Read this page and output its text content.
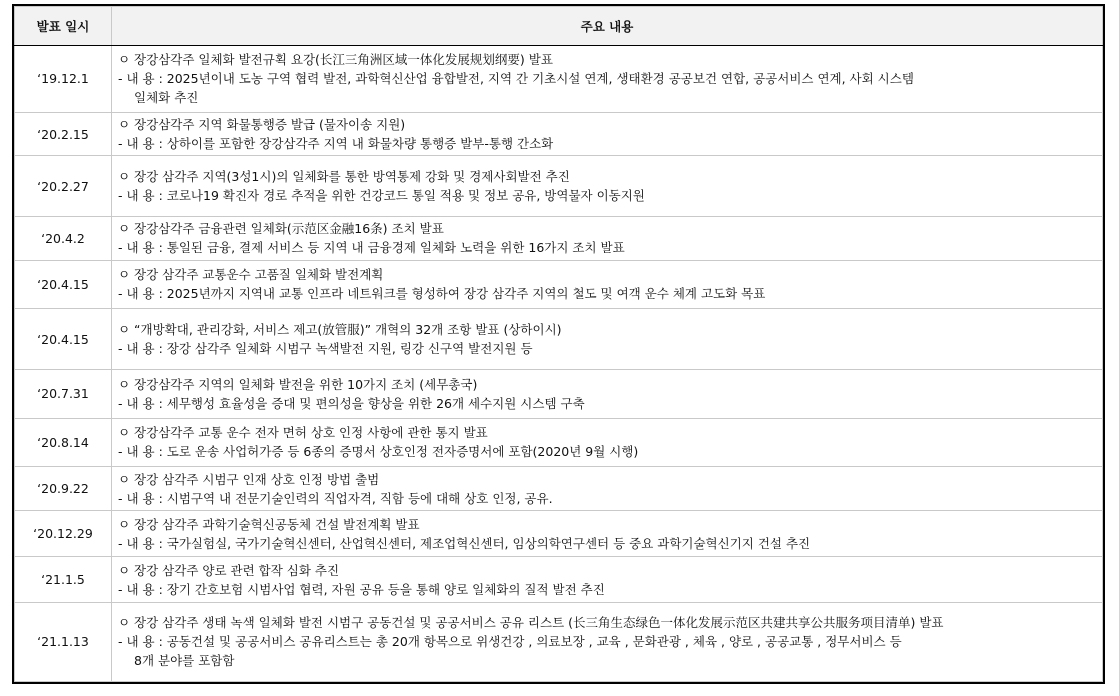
발표 일시	주요 내용
‘19.12.1	ㅇ 장강삼각주 일체화 발전규획 요강(长江三角洲区域一体化发展规划纲要) 발표
- 내 용 : 2025년이내 도농 구역 협력 발전, 과학혁신산업 융합발전, 지역 간 기초시설 연계, 생태환경 공공보건 연합, 공공서비스 연계, 사회 시스템
일체화 추진

‘20.2.15	ㅇ 장강삼각주 지역 화물통행증 발급 (물자이송 지원)
- 내 용 : 상하이를 포함한 장강삼각주 지역 내 화물차량 통행증 발부-통행 간소화

‘20.2.27	ㅇ 장강 삼각주 지역(3성1시)의 일체화를 통한 방역통제 강화 및 경제사회발전 추진
- 내 용 : 코로나19 확진자 경로 추적을 위한 건강코드 통일 적용 및 정보 공유, 방역물자 이동지원

‘20.4.2	ㅇ 장강삼각주 금융관련 일체화(示范区金融16条) 조치 발표
- 내 용 : 통일된 금융, 결제 서비스 등 지역 내 금융경제 일체화 노력을 위한 16가지 조치 발표

‘20.4.15	ㅇ 장강 삼각주 교통운수 고품질 일체화 발전계획
- 내 용 : 2025년까지 지역내 교통 인프라 네트워크를 형성하여 장강 삼각주 지역의 철도 및 여객 운수 체계 고도화 목표

‘20.4.15	ㅇ “개방확대, 관리강화, 서비스 제고(放管服)” 개혁의 32개 조항 발표 (상하이시)
- 내 용 : 장강 삼각주 일체화 시범구 녹색발전 지원, 링강 신구역 발전지원 등

‘20.7.31	ㅇ 장강삼각주 지역의 일체화 발전을 위한 10가지 조치 (세무총국)
- 내 용 : 세무행성 효율성을 증대 및 편의성을 향상을 위한 26개 세수지원 시스템 구축

‘20.8.14	ㅇ 장강삼각주 교통 운수 전자 면허 상호 인정 사항에 관한 통지 발표
- 내 용 : 도로 운송 사업허가증 등 6종의 증명서 상호인정 전자증명서에 포함(2020년 9월 시행)

‘20.9.22	ㅇ 장강 삼각주 시범구 인재 상호 인정 방법 출범
- 내 용 : 시범구역 내 전문기술인력의 직업자격, 직함 등에 대해 상호 인정, 공유.

‘20.12.29	ㅇ 장강 삼각주 과학기술혁신공동체 건설 발전계획 발표
- 내 용 : 국가실험실, 국가기술혁신센터, 산업혁신센터, 제조업혁신센터, 임상의학연구센터 등 중요 과학기술혁신기지 건설 추진

‘21.1.5	ㅇ 장강 삼각주 양로 관련 합작 심화 추진
- 내 용 : 장기 간호보험 시범사업 협력, 자원 공유 등을 통해 양로 일체화의 질적 발전 추진

‘21.1.13	ㅇ 장강 삼각주 생태 녹색 일체화 발전 시범구 공동건설 및 공공서비스 공유 리스트 (长三角生态绿色一体化发展示范区共建共享公共服务项目清单) 발표
- 내 용 : 공동건설 및 공공서비스 공유리스트는 총 20개 항목으로 위생건강 , 의료보장 , 교육 , 문화관광 , 체육 , 양로 , 공공교통 , 정무서비스 등
8개 분야를 포함함
